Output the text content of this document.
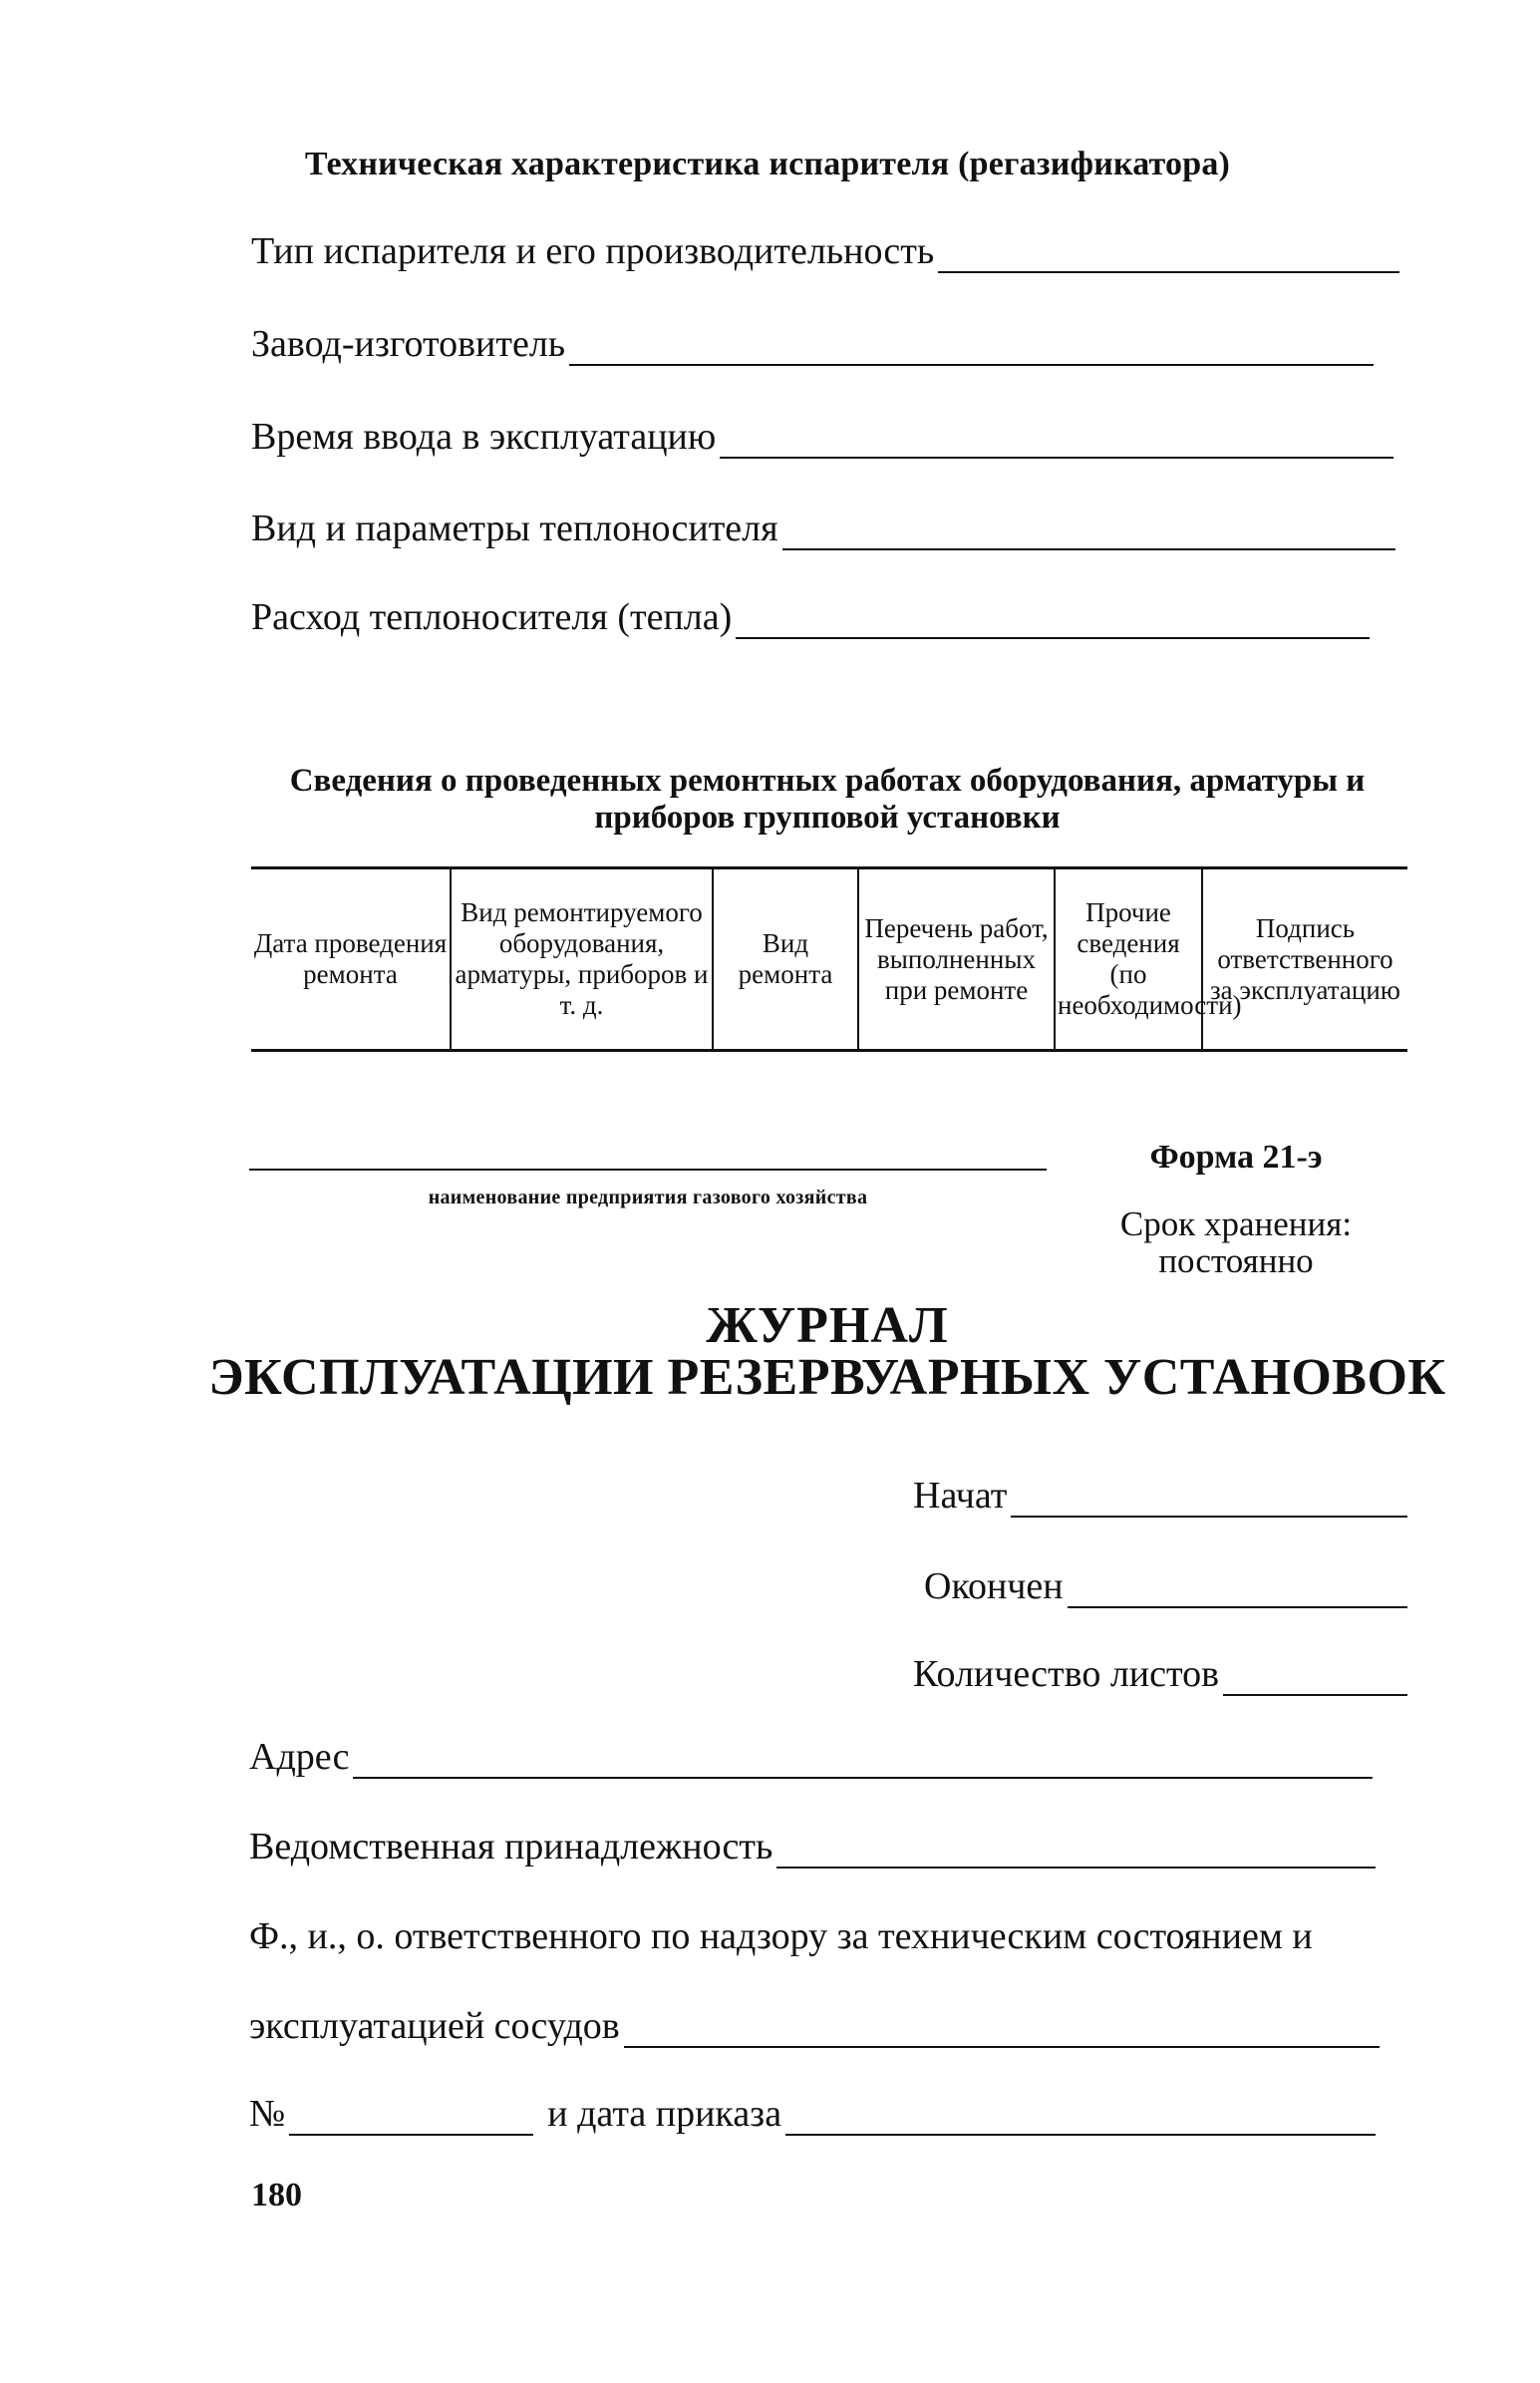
Техническая характеристика испарителя (регазификатора)
Тип испарителя и его производительность
Завод-изготовитель
Время ввода в эксплуатацию
Вид и параметры теплоносителя
Расход теплоносителя (тепла)
Сведения о проведенных ремонтных работах оборудования, арматуры и приборов групповой установки
Дата проведения ремонта	Вид ремонтируемого оборудования, арматуры, приборов и т. д.	Вид ремонта	Перечень работ, выполненных при ремонте	Прочие сведения (по необходимости)	Подпись ответственного за эксплуатацию
наименование предприятия газового хозяйства
Форма 21-э
Срок хранения:
постоянно
ЖУРНАЛ
ЭКСПЛУАТАЦИИ РЕЗЕРВУАРНЫХ УСТАНОВОК
Начат
Окончен
Количество листов
Адрес
Ведомственная принадлежность
Ф., и., о. ответственного по надзору за техническим состоянием и
эксплуатацией сосудов
№	и дата приказа
180
